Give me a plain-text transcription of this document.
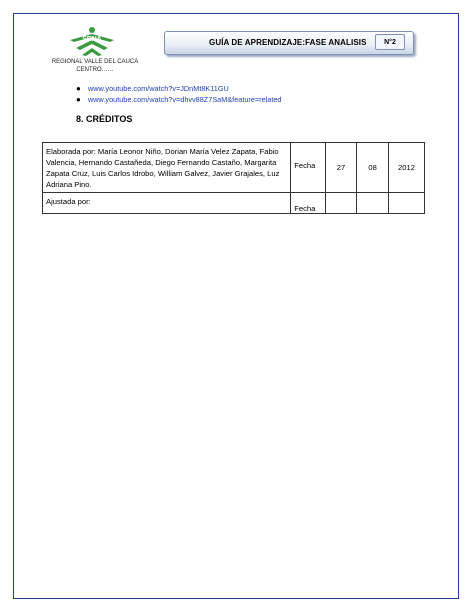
SENA
REGIONAL VALLE DEL CAUCA
CENTRO……
GUÍA DE APRENDIZAJE:FASE ANALISIS	N°2
● www.youtube.com/watch?v=JDnMt8K11GU
● www.youtube.com/watch?v=dhvv88Z7SaM&feature=related
8. CRÉDITOS
Elaborada por: María Leonor Niño, Dorian María Velez Zapata, Fabio Valencia, Hernando Castañeda, Diego Fernando Castaño, Margarita Zapata Cruz, Luis Carlos Idrobo, William Galvez, Javier Grajales, Luz Adriana Pino.	Fecha	27	08	2012
Ajustada por:	Fecha			
